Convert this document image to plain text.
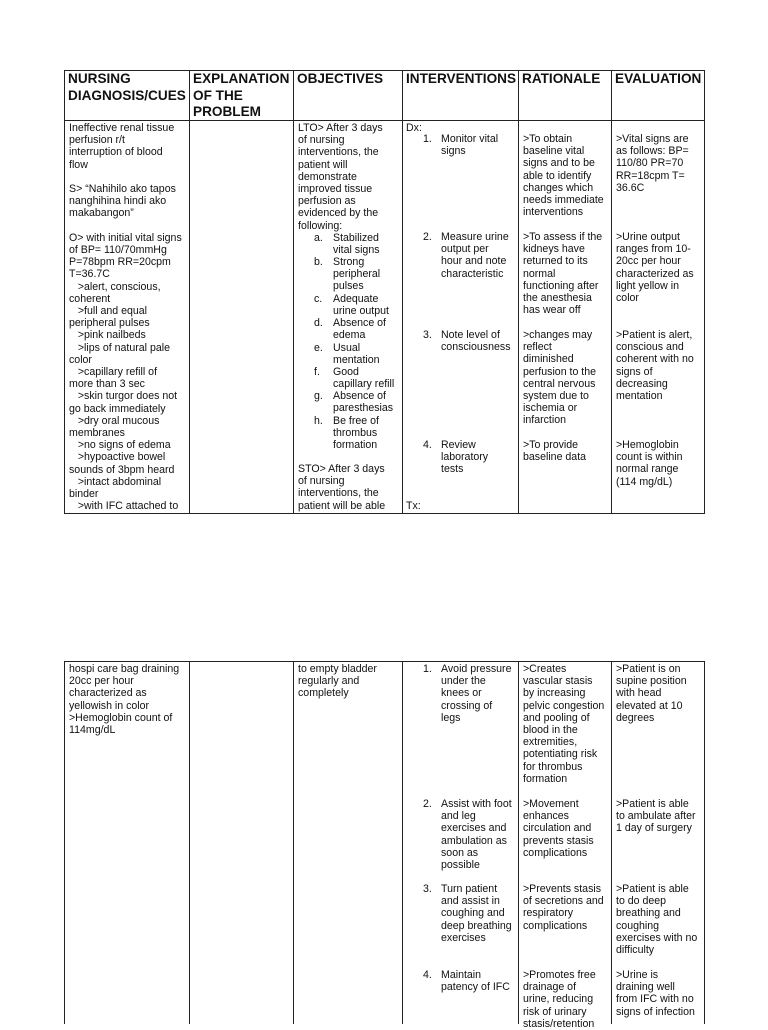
NURSING
DIAGNOSIS/CUES
EXPLANATION
OF THE
PROBLEM
OBJECTIVES INTERVENTIONS RATIONALE EVALUATION
Ineffective renal tissue
perfusion r/t
interruption of blood
flow

S> “Nahihilo ako tapos
nanghihina hindi ako
makabangon”

O> with initial vital signs
of BP= 110/70mmHg
P=78bpm RR=20cpm
T=36.7C
>alert, conscious,
coherent
>full and equal
peripheral pulses
>pink nailbeds
>lips of natural pale
color
>capillary refill of
more than 3 sec
>skin turgor does not
go back immediately
>dry oral mucous
membranes
>no signs of edema
>hypoactive bowel
sounds of 3bpm heard
>intact abdominal
binder
>with IFC attached to
LTO> After 3 days
of nursing
interventions, the
patient will
demonstrate
improved tissue
perfusion as
evidenced by the
following:
a. Stabilized
vital signs
b. Strong
peripheral
pulses
c. Adequate
urine output
d. Absence of
edema
e. Usual
mentation
f. Good
capillary refill
g. Absence of
paresthesias
h. Be free of
thrombus
formation
STO> After 3 days
of nursing
interventions, the
patient will be able
Dx:
Tx:
1. Monitor vital
signs
2. Measure urine
output per
hour and note
characteristic
3. Note level of
consciousness
4. Review
laboratory
tests
>To obtain
baseline vital
signs and to be
able to identify
changes which
needs immediate
interventions
>To assess if the
kidneys have
returned to its
normal
functioning after
the anesthesia
has wear off
>changes may
reflect
diminished
perfusion to the
central nervous
system due to
ischemia or
infarction
>To provide
baseline data
>Vital signs are
as follows: BP=
110/80 PR=70
RR=18cpm T=
36.6C
>Urine output
ranges from 10-
20cc per hour
characterized as
light yellow in
color
>Patient is alert,
conscious and
coherent with no
signs of
decreasing
mentation
>Hemoglobin
count is within
normal range
(114 mg/dL)
hospi care bag draining
20cc per hour
characterized as
yellowish in color
>Hemoglobin count of
114mg/dL
to empty bladder
regularly and
completely
1. Avoid pressure
under the
knees or
crossing of
legs
2. Assist with foot
and leg
exercises and
ambulation as
soon as
possible
3. Turn patient
and assist in
coughing and
deep breathing
exercises
4. Maintain
patency of IFC
>Creates
vascular stasis
by increasing
pelvic congestion
and pooling of
blood in the
extremities,
potentiating risk
for thrombus
formation
>Movement
enhances
circulation and
prevents stasis
complications
>Prevents stasis
of secretions and
respiratory
complications
>Promotes free
drainage of
urine, reducing
risk of urinary
stasis/retention
>Patient is on
supine position
with head
elevated at 10
degrees
>Patient is able
to ambulate after
1 day of surgery
>Patient is able
to do deep
breathing and
coughing
exercises with no
difficulty
>Urine is
draining well
from IFC with no
signs of infection
